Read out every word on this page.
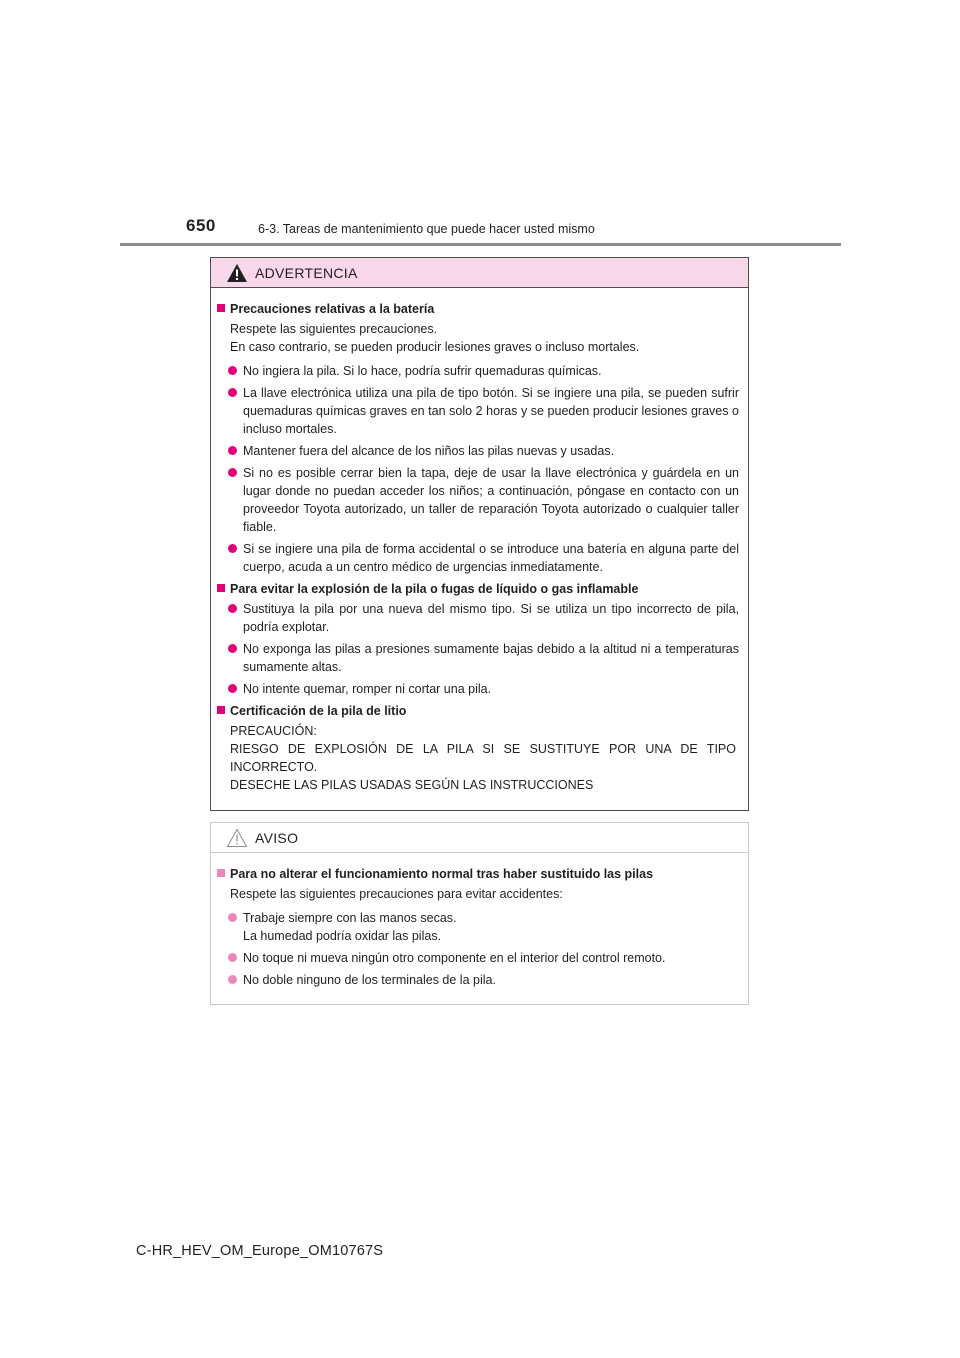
650	6-3. Tareas de mantenimiento que puede hacer usted mismo
ADVERTENCIA
Precauciones relativas a la batería
Respete las siguientes precauciones.
En caso contrario, se pueden producir lesiones graves o incluso mortales.
No ingiera la pila. Si lo hace, podría sufrir quemaduras químicas.
La llave electrónica utiliza una pila de tipo botón. Si se ingiere una pila, se pueden sufrir quemaduras químicas graves en tan solo 2 horas y se pueden producir lesiones graves o incluso mortales.
Mantener fuera del alcance de los niños las pilas nuevas y usadas.
Si no es posible cerrar bien la tapa, deje de usar la llave electrónica y guárdela en un lugar donde no puedan acceder los niños; a continuación, póngase en contacto con un proveedor Toyota autorizado, un taller de reparación Toyota autorizado o cualquier taller fiable.
Si se ingiere una pila de forma accidental o se introduce una batería en alguna parte del cuerpo, acuda a un centro médico de urgencias inmediatamente.
Para evitar la explosión de la pila o fugas de líquido o gas inflamable
Sustituya la pila por una nueva del mismo tipo. Si se utiliza un tipo incorrecto de pila, podría explotar.
No exponga las pilas a presiones sumamente bajas debido a la altitud ni a temperaturas sumamente altas.
No intente quemar, romper ni cortar una pila.
Certificación de la pila de litio
PRECAUCIÓN:
RIESGO DE EXPLOSIÓN DE LA PILA SI SE SUSTITUYE POR UNA DE TIPO
INCORRECTO.
DESECHE LAS PILAS USADAS SEGÚN LAS INSTRUCCIONES
AVISO
Para no alterar el funcionamiento normal tras haber sustituido las pilas
Respete las siguientes precauciones para evitar accidentes:
Trabaje siempre con las manos secas.
La humedad podría oxidar las pilas.
No toque ni mueva ningún otro componente en el interior del control remoto.
No doble ninguno de los terminales de la pila.
C-HR_HEV_OM_Europe_OM10767S
